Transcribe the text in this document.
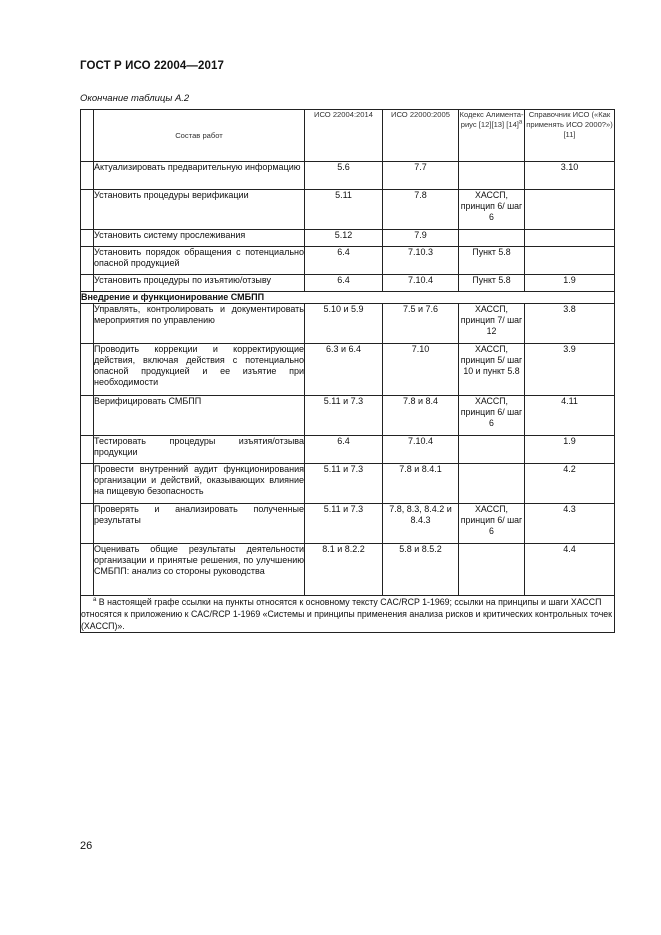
ГОСТ Р ИСО 22004—2017
Окончание таблицы А.2
	Состав работ	ИСО 22004:2014	ИСО 22000:2005	Кодекс Алимента-риус [12][13] $[14]^a$	Справочник ИСО («Как применять ИСО 2000?») [11]
	Актуализировать предварительную информацию	5.6	7.7		3.10
	Установить процедуры верификации	5.11	7.8	ХАССП, принцип 6/ шаг 6	
	Установить систему прослеживания	5.12	7.9		
	Установить порядок обращения с потенциально опасной продукцией	6.4	7.10.3	Пункт 5.8	
	Установить процедуры по изъятию/отзыву	6.4	7.10.4	Пункт 5.8	1.9
Внедрение и функционирование СМБПП					
	Управлять, контролировать и документировать мероприятия по управлению	5.10 и 5.9	7.5 и 7.6	ХАССП, принцип 7/ шаг 12	3.8
	Проводить коррекции и корректирующие действия, включая действия с потенциально опасной продукцией и ее изъятие при необходимости	6.3 и 6.4	7.10	ХАССП, принцип 5/ шаг 10 и пункт 5.8	3.9
	Верифицировать СМБПП	5.11 и 7.3	7.8 и 8.4	ХАССП, принцип 6/ шаг 6	4.11
	Тестировать процедуры изъятия/отзыва продукции	6.4	7.10.4		1.9
	Провести внутренний аудит функционирования организации и действий, оказывающих влияние на пищевую безопасность	5.11 и 7.3	7.8 и 8.4.1		4.2
	Проверять и анализировать полученные результаты	5.11 и 7.3	7.8, 8.3, 8.4.2 и 8.4.3	ХАССП, принцип 6/ шаг 6	4.3
	Оценивать общие результаты деятельности организации и принятые решения, по улучшению СМБПП: анализ со стороны руководства	8.1 и 8.2.2	5.8 и 8.5.2		4.4
$^a$ В настоящей графе ссылки на пункты относятся к основному тексту CAC/RCP 1-1969; ссылки на принципы и шаги ХАССП относятся к приложению к CAC/RCP 1-1969 «Системы и принципы применения анализа рисков и критических контрольных точек (ХАССП)».					
26
